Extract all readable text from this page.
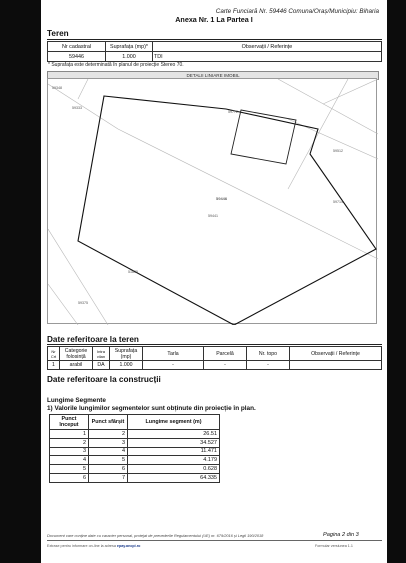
Carte Funciară Nr. 59446 Comuna/Oraș/Municipiu: Biharia
Anexa Nr. 1 La Partea I
Teren
Nr cadastral	Suprafața (mp)*	Observații / Referințe
59446	1.000	TDI
* Suprafața este determinată în planul de proiecție Stereo 70.
DETALII LINIARE IMOBIL
59348
59333
59772
59512
59446
59441
59714
51835
59375
Date referitoare la teren
Nr Crt	Categorie folosință	Intra vilan	Suprafața (mp)	Tarla	Parcelă	Nr. topo	Observații / Referințe
1	arabil	DA	1.000	-	-	-	
Date referitoare la construcții
Lungime Segmente
1) Valorile lungimilor segmentelor sunt obținute din proiecție în plan.
Punct început	Punct sfârșit	Lungime segment (m)
1	2	26.51
2	3	34.527
3	4	11.471
4	5	4.179
5	6	0.628
6	7	64.335
Document care conține date cu caracter personal, protejat de prevederile Regulamentului (UE) nr. 679/2016 și Legii 190/2018	Pagina 2 din 3
Extrase pentru informare on-line la adresa epay.ancpi.ro	Formular versiunea 1.1
